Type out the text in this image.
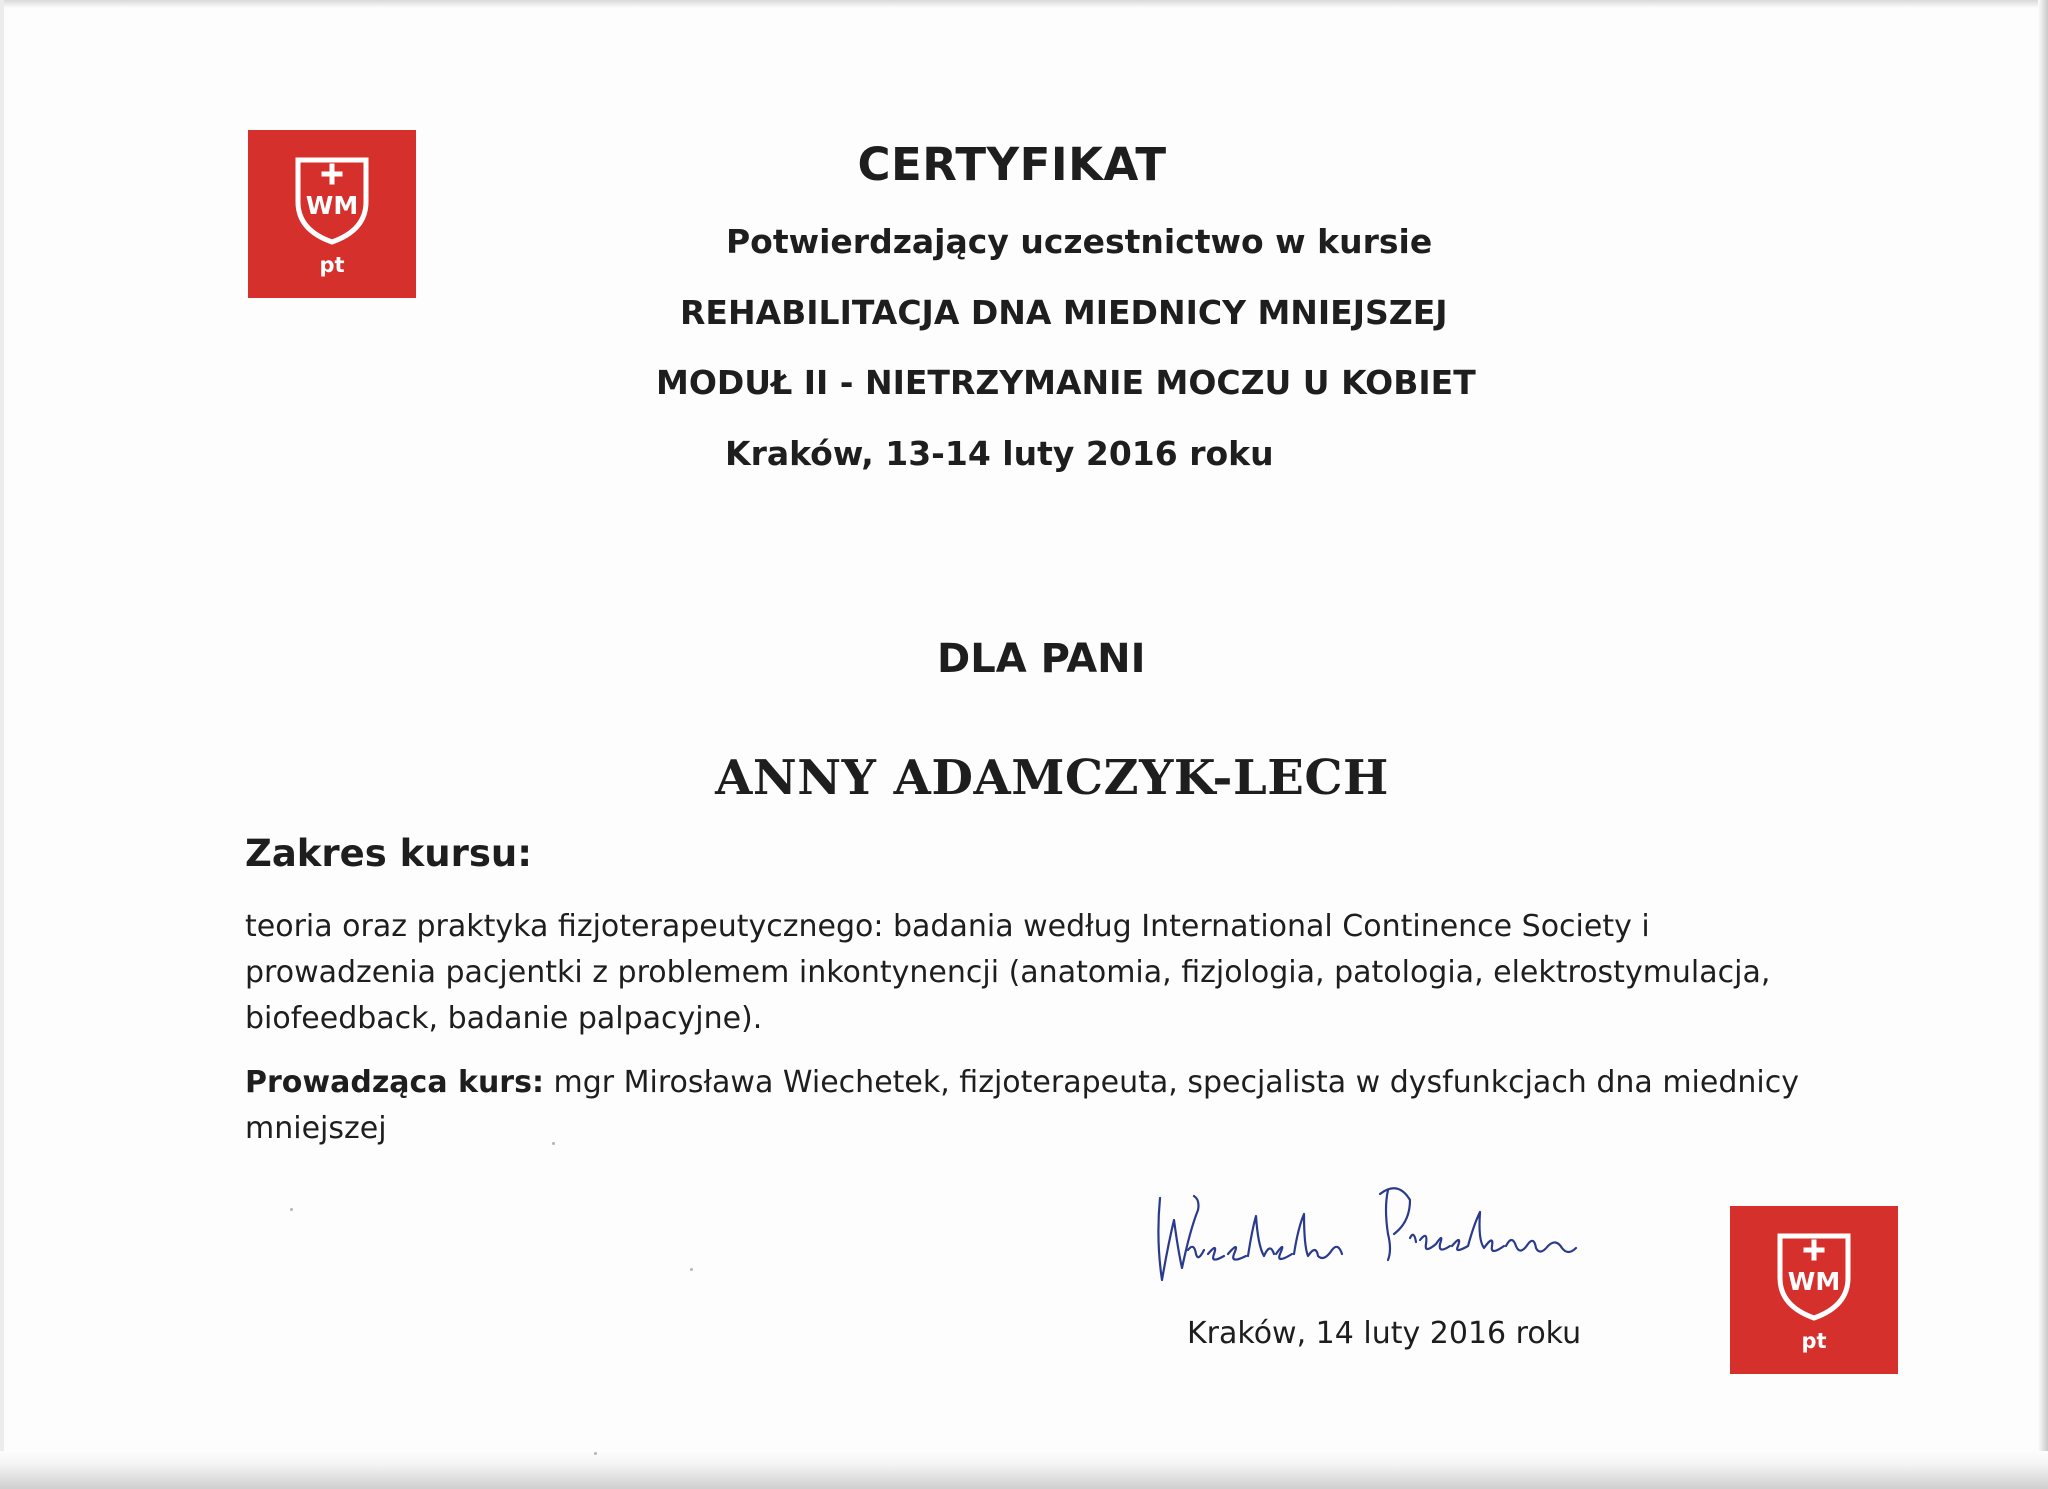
WM
pt
CERTYFIKAT
Potwierdzający uczestnictwo w kursie
REHABILITACJA DNA MIEDNICY MNIEJSZEJ
MODUŁ II - NIETRZYMANIE MOCZU U KOBIET
Kraków, 13-14 luty 2016 roku
DLA PANI
ANNY ADAMCZYK-LECH
Zakres kursu:
teoria oraz praktyka fizjoterapeutycznego: badania według International Continence Society i prowadzenia pacjentki z problemem inkontynencji (anatomia, fizjologia, patologia, elektrostymulacja, biofeedback, badanie palpacyjne).
Prowadząca kurs: mgr Mirosława Wiechetek, fizjoterapeuta, specjalista w dysfunkcjach dna miednicy mniejszej
Kraków, 14 luty 2016 roku
WM
pt
